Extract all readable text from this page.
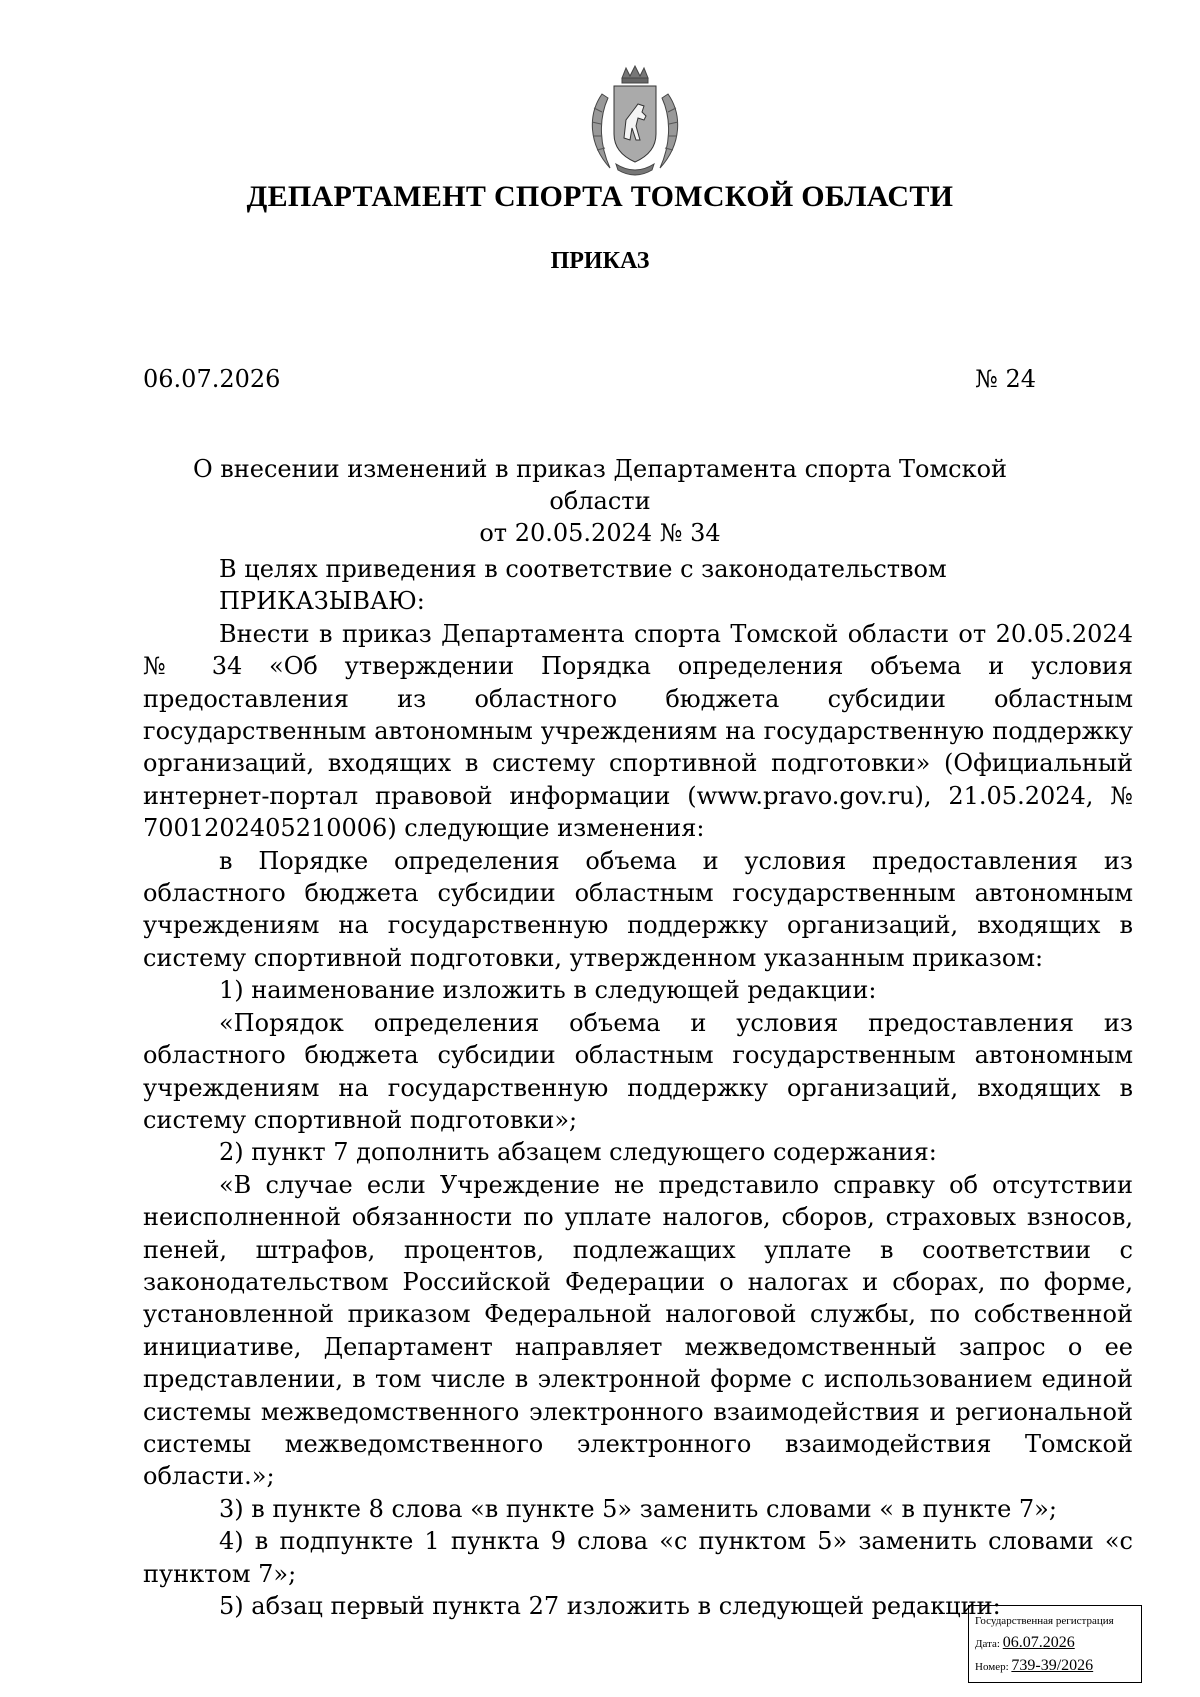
ДЕПАРТАМЕНТ СПОРТА ТОМСКОЙ ОБЛАСТИ
ПРИКАЗ
06.07.2026	№ 24
О внесении изменений в приказ Департамента спорта Томской области
от 20.05.2024 № 34

В целях приведения в соответствие с законодательством

ПРИКАЗЫВАЮ:

Внести в приказ Департамента спорта Томской области от 20.05.2024 № 34 «Об утверждении Порядка определения объема и условия предоставления из областного бюджета субсидии областным государственным автономным учреждениям на государственную поддержку организаций, входящих в систему спортивной подготовки» (Официальный интернет-портал правовой информации (www.pravo.gov.ru), 21.05.2024, № 7001202405210006) следующие изменения:

в Порядке определения объема и условия предоставления из областного бюджета субсидии областным государственным автономным учреждениям на государственную поддержку организаций, входящих в систему спортивной подготовки, утвержденном указанным приказом:

1) наименование изложить в следующей редакции:

«Порядок определения объема и условия предоставления из областного бюджета субсидии областным государственным автономным учреждениям на государственную поддержку организаций, входящих в систему спортивной подготовки»;

2) пункт 7 дополнить абзацем следующего содержания:

«В случае если Учреждение не представило справку об отсутствии неисполненной обязанности по уплате налогов, сборов, страховых взносов, пеней, штрафов, процентов, подлежащих уплате в соответствии с законодательством Российской Федерации о налогах и сборах, по форме, установленной приказом Федеральной налоговой службы, по собственной инициативе, Департамент направляет межведомственный запрос о ее представлении, в том числе в электронной форме с использованием единой системы межведомственного электронного взаимодействия и региональной системы межведомственного электронного взаимодействия Томской области.»;

3) в пункте 8 слова «в пункте 5» заменить словами « в пункте 7»;

4) в подпункте 1 пункта 9 слова «с пунктом 5» заменить словами «с пунктом 7»;

5) абзац первый пункта 27 изложить в следующей редакции:

Государственная регистрация
Дата: 06.07.2026
Номер: 739-39/2026
